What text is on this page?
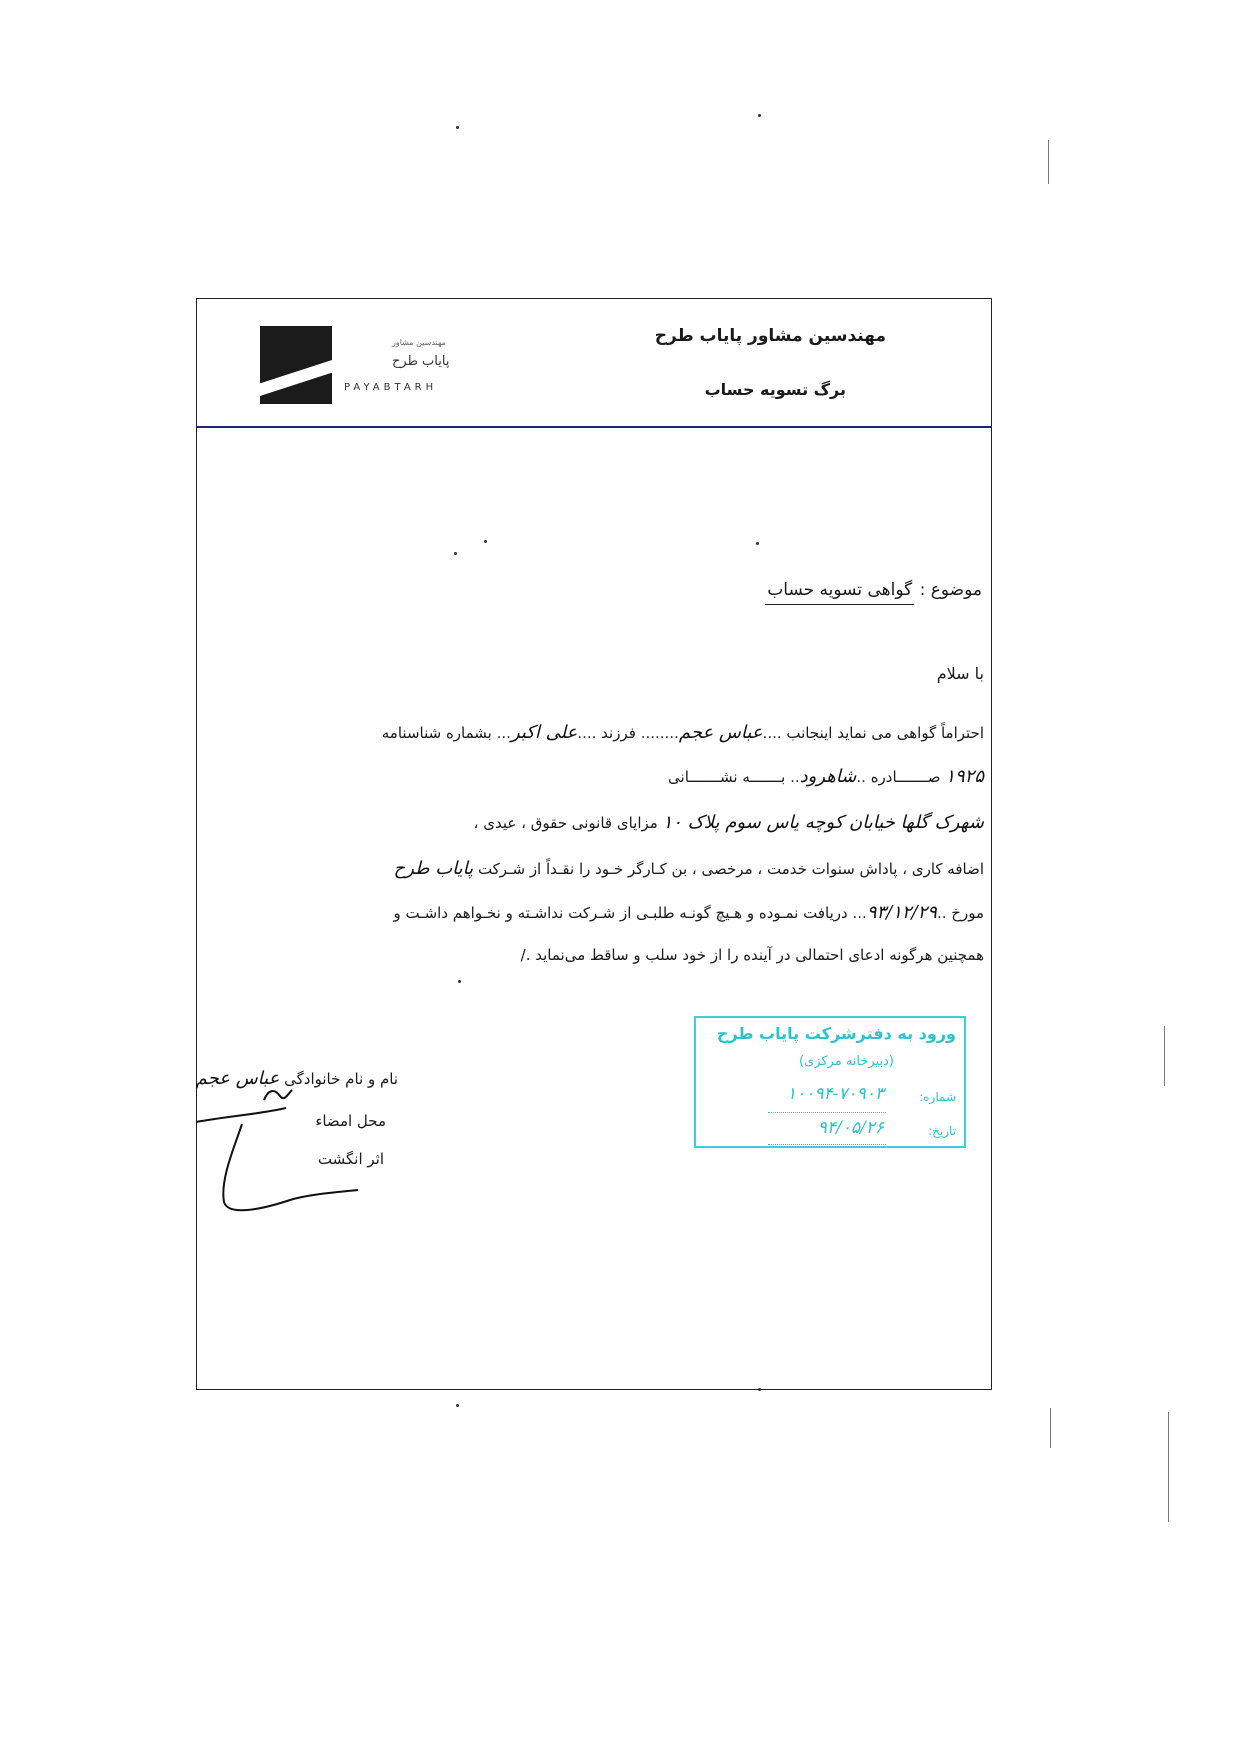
مهندسین مشاور
پایاب طرح
PAYABTARH
مهندسین مشاور پایاب طرح
برگ تسویه حساب
موضوع : گواهی تسویه حساب
با سلام
احتراماً گواهی می نماید اینجانب ....عباس عجم........ فرزند ....علی اکبر... بشماره شناسنامه
۱۹۲۵ صـــــــادره ..شاهرود.. بـــــــه نشـــــــانی
شهرک گلها خیابان کوچه یاس سوم پلاک ۱۰ مزایای قانونی حقوق ، عیدی ،
اضافه کاری ، پاداش سنوات خدمت ، مرخصی ، بن کـارگر خـود را نقـداً از شـرکت پایاب طرح
مورخ ..۹۳/۱۲/۲۹... دریافت نمـوده و هـیچ گونـه طلبـی از شـرکت نداشـته و نخـواهم داشـت و
همچنین هرگونه ادعای احتمالی در آینده را از خود سلب و ساقط می‌نماید ./
نام و نام خانوادگی عباس عجم
محل امضاء
اثر انگشت
ورود به دفترشرکت پایاب طرح
(دبیرخانه مرکزی)
شماره:
۱۰۰۹۴-۷۰۹۰۳
تاریخ:
۹۴/۰۵/۲۶
